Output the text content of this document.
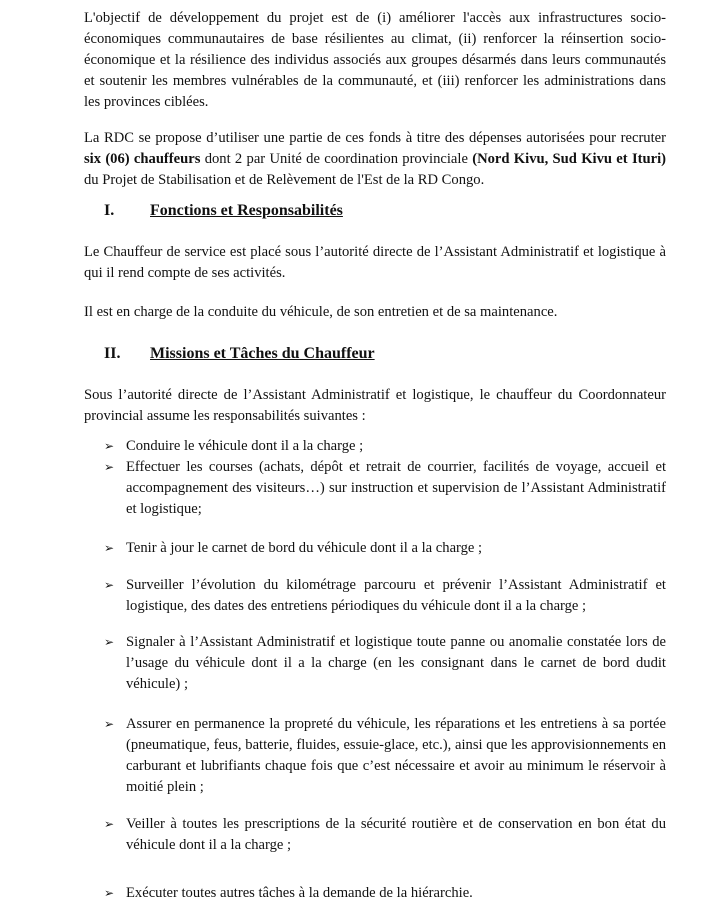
L'objectif de développement du projet est de (i) améliorer l'accès aux infrastructures socio-économiques communautaires de base résilientes au climat, (ii) renforcer la réinsertion socio-économique et la résilience des individus associés aux groupes désarmés dans leurs communautés et soutenir les membres vulnérables de la communauté, et (iii) renforcer les administrations dans les provinces ciblées.

La RDC se propose d’utiliser une partie de ces fonds à titre des dépenses autorisées pour recruter six (06) chauffeurs dont 2 par Unité de coordination provinciale (Nord Kivu, Sud Kivu et Ituri) du Projet de Stabilisation et de Relèvement de l'Est de la RD Congo.

I. Fonctions et Responsabilités

Le Chauffeur de service est placé sous l’autorité directe de l’Assistant Administratif et logistique à qui il rend compte de ses activités.

Il est en charge de la conduite du véhicule, de son entretien et de sa maintenance.

II. Missions et Tâches du Chauffeur

Sous l’autorité directe de l’Assistant Administratif et logistique, le chauffeur du Coordonnateur provincial assume les responsabilités suivantes :

➢ Conduire le véhicule dont il a la charge ;
➢ Effectuer les courses (achats, dépôt et retrait de courrier, facilités de voyage, accueil et accompagnement des visiteurs…) sur instruction et supervision de l’Assistant Administratif et logistique;
➢ Tenir à jour le carnet de bord du véhicule dont il a la charge ;
➢ Surveiller l’évolution du kilométrage parcouru et prévenir l’Assistant Administratif et logistique, des dates des entretiens périodiques du véhicule dont il a la charge ;
➢ Signaler à l’Assistant Administratif et logistique toute panne ou anomalie constatée lors de l’usage du véhicule dont il a la charge (en les consignant dans le carnet de bord dudit véhicule) ;
➢ Assurer en permanence la propreté du véhicule, les réparations et les entretiens à sa portée (pneumatique, feus, batterie, fluides, essuie-glace, etc.), ainsi que les approvisionnements en carburant et lubrifiants chaque fois que c’est nécessaire et avoir au minimum le réservoir à moitié plein ;
➢ Veiller à toutes les prescriptions de la sécurité routière et de conservation en bon état du véhicule dont il a la charge ;
➢ Exécuter toutes autres tâches à la demande de la hiérarchie.
